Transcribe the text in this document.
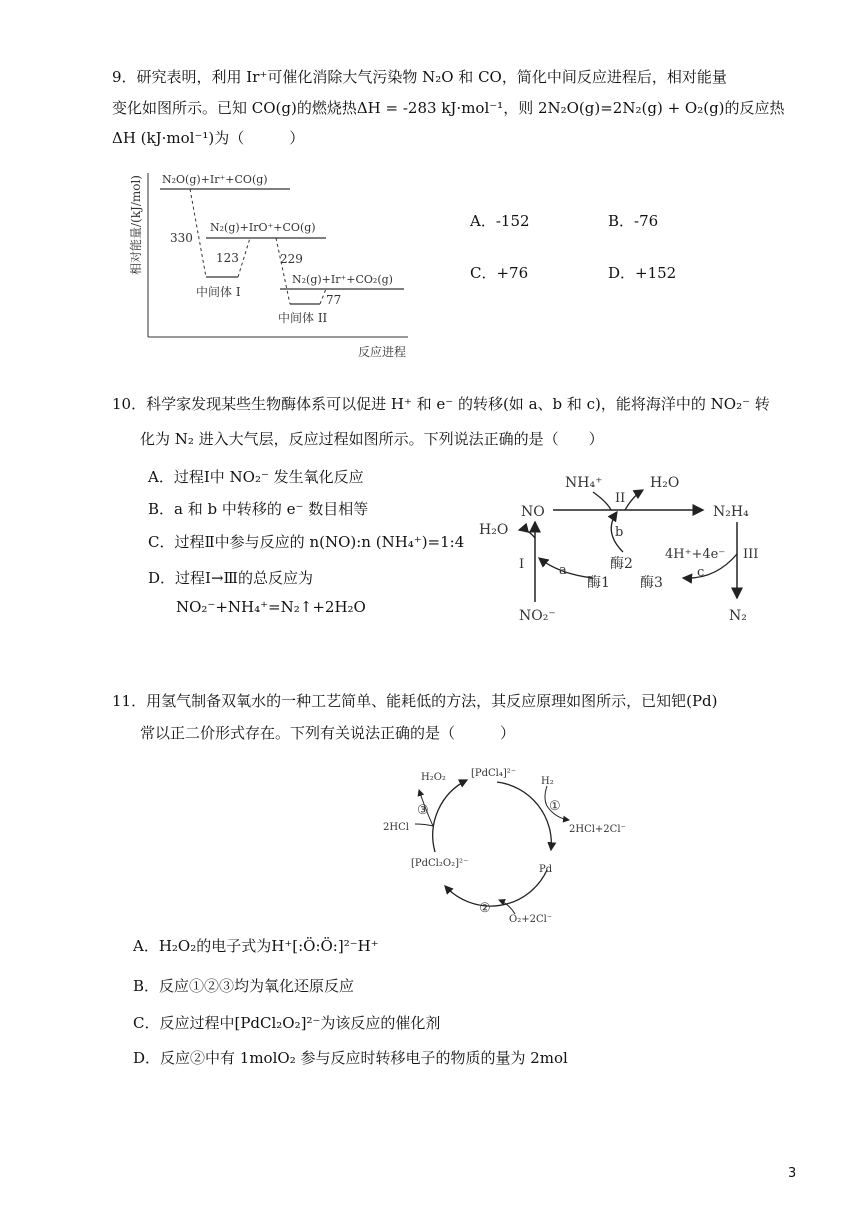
9．研究表明，利用 Ir⁺可催化消除大气污染物 N₂O 和 CO，简化中间反应进程后，相对能量
变化如图所示。已知 CO(g)的燃烧热ΔH = -283 kJ·mol⁻¹，则 2N₂O(g)=2N₂(g) + O₂(g)的反应热
ΔH (kJ·mol⁻¹)为（　　　）
相对能量/(kJ/mol)
反应进程
N₂O(g)+Ir⁺+CO(g)
N₂(g)+IrO⁺+CO(g)
N₂(g)+Ir⁺+CO₂(g)
330
123	229
77
中间体 I
中间体 II
A．-152	B．-76
C．+76	D．+152
10．科学家发现某些生物酶体系可以促进 H⁺ 和 e⁻ 的转移(如 a、b 和 c)，能将海洋中的 NO₂⁻ 转
化为 N₂ 进入大气层，反应过程如图所示。下列说法正确的是（　　）
A．过程Ⅰ中 NO₂⁻ 发生氧化反应
B．a 和 b 中转移的 e⁻ 数目相等
C．过程Ⅱ中参与反应的 n(NO):n (NH₄⁺)=1:4
D．过程Ⅰ→Ⅲ的总反应为
NO₂⁻+NH₄⁺=N₂↑+2H₂O
NH₄⁺	H₂O
II
NO	N₂H₄
H₂O	b
酶2
4H⁺+4e⁻ III
I	a
酶1 酶3
c
NO₂⁻	N₂
11．用氢气制备双氧水的一种工艺简单、能耗低的方法，其反应原理如图所示，已知钯(Pd)
常以正二价形式存在。下列有关说法正确的是（　　　）
H₂O₂	[PdCl₄]²⁻
H₂
①
2HCl+2Cl⁻
③
2HCl
[PdCl₂O₂]²⁻
Pd
②
O₂+2Cl⁻
A．H₂O₂的电子式为H⁺[:Ö:Ö:]²⁻H⁺
B．反应①②③均为氧化还原反应
C．反应过程中[PdCl₂O₂]²⁻为该反应的催化剂
D．反应②中有 1molO₂ 参与反应时转移电子的物质的量为 2mol
3
